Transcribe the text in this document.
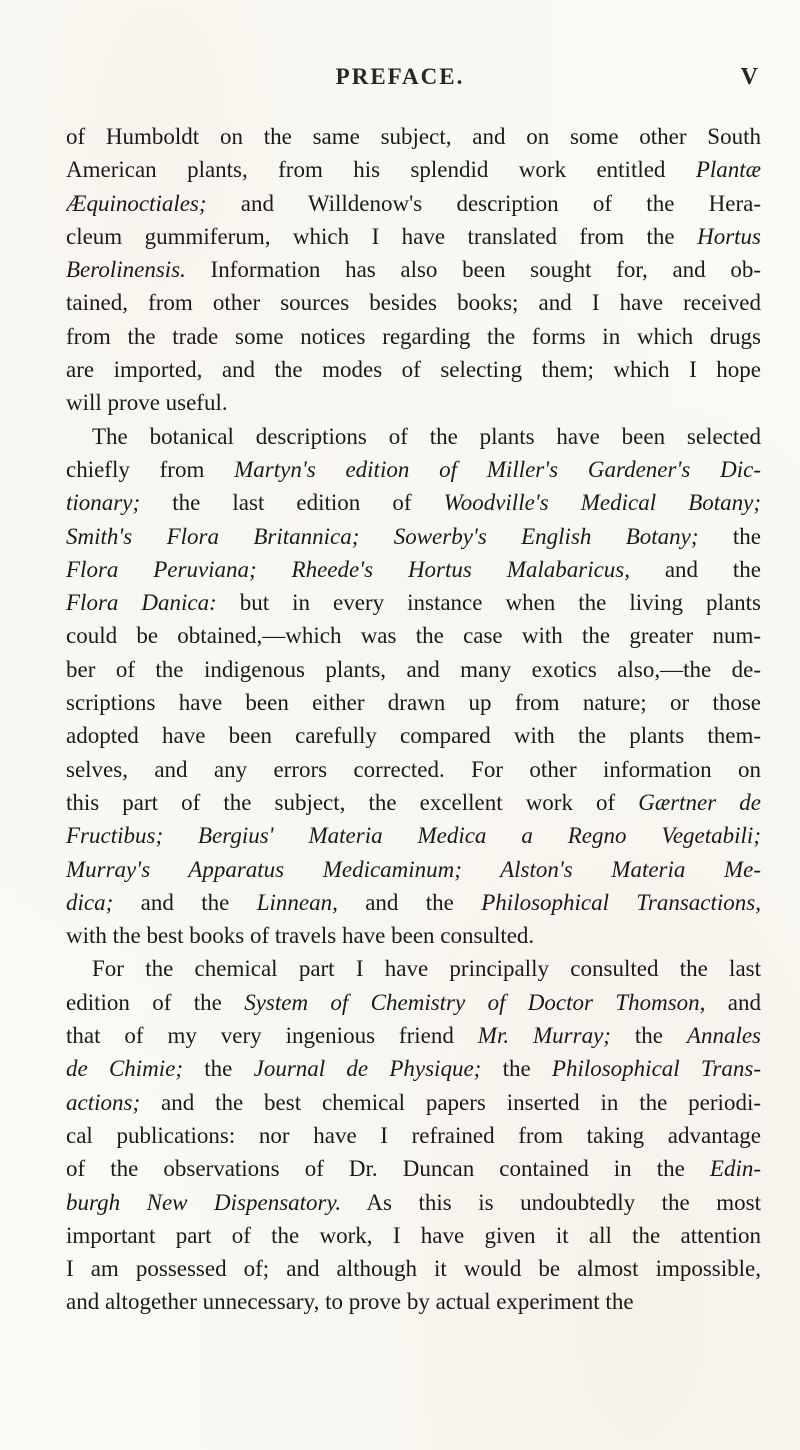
PREFACE.	V
of Humboldt on the same subject, and on some other South
American plants, from his splendid work entitled Plantæ
Æquinoctiales; and Willdenow's description of the Hera-
cleum gummiferum, which I have translated from the Hortus
Berolinensis. Information has also been sought for, and ob-
tained, from other sources besides books; and I have received
from the trade some notices regarding the forms in which drugs
are imported, and the modes of selecting them; which I hope
will prove useful.
The botanical descriptions of the plants have been selected
chiefly from Martyn's edition of Miller's Gardener's Dic-
tionary; the last edition of Woodville's Medical Botany;
Smith's Flora Britannica; Sowerby's English Botany; the
Flora Peruviana; Rheede's Hortus Malabaricus, and the
Flora Danica: but in every instance when the living plants
could be obtained,—which was the case with the greater num-
ber of the indigenous plants, and many exotics also,—the de-
scriptions have been either drawn up from nature; or those
adopted have been carefully compared with the plants them-
selves, and any errors corrected. For other information on
this part of the subject, the excellent work of Gærtner de
Fructibus; Bergius' Materia Medica a Regno Vegetabili;
Murray's Apparatus Medicaminum; Alston's Materia Me-
dica; and the Linnean, and the Philosophical Transactions,
with the best books of travels have been consulted.
For the chemical part I have principally consulted the last
edition of the System of Chemistry of Doctor Thomson, and
that of my very ingenious friend Mr. Murray; the Annales
de Chimie; the Journal de Physique; the Philosophical Trans-
actions; and the best chemical papers inserted in the periodi-
cal publications: nor have I refrained from taking advantage
of the observations of Dr. Duncan contained in the Edin-
burgh New Dispensatory. As this is undoubtedly the most
important part of the work, I have given it all the attention
I am possessed of; and although it would be almost impossible,
and altogether unnecessary, to prove by actual experiment the
